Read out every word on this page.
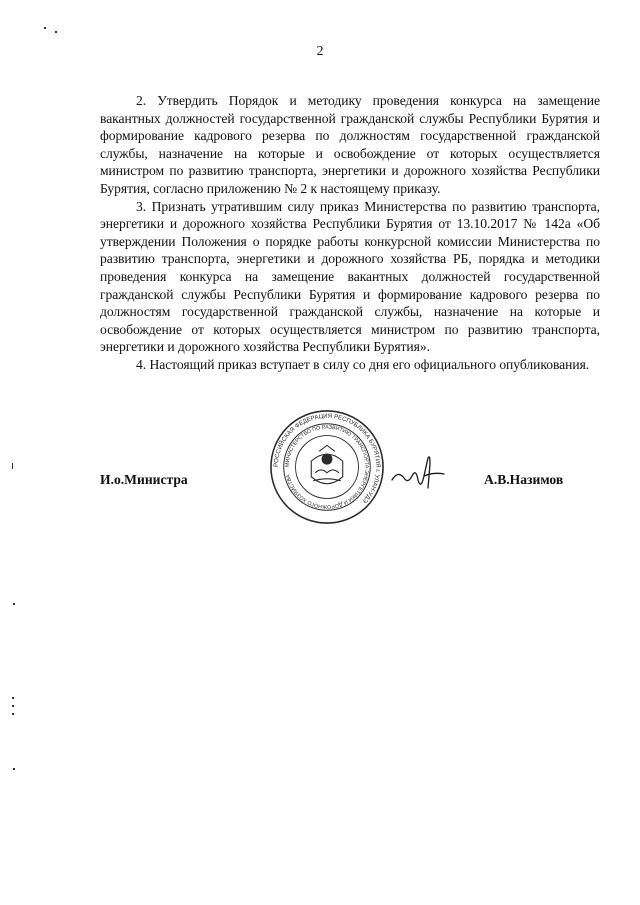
2

2. Утвердить Порядок и методику проведения конкурса на замещение вакантных должностей государственной гражданской службы Республики Бурятия и формирование кадрового резерва по должностям государственной гражданской службы, назначение на которые и освобождение от которых осуществляется министром по развитию транспорта, энергетики и дорожного хозяйства Республики Бурятия, согласно приложению № 2 к настоящему приказу.

3. Признать утратившим силу приказ Министерства по развитию транспорта, энергетики и дорожного хозяйства Республики Бурятия от 13.10.2017 № 142а «Об утверждении Положения о порядке работы конкурсной комиссии Министерства по развитию транспорта, энергетики и дорожного хозяйства РБ, порядка и методики проведения конкурса на замещение вакантных должностей государственной гражданской службы Республики Бурятия и формирование кадрового резерва по должностям государственной гражданской службы, назначение на которые и освобождение от которых осуществляется министром по развитию транспорта, энергетики и дорожного хозяйства Республики Бурятия».

4. Настоящий приказ вступает в силу со дня его официального опубликования.

И.о.Министра
РОССИЙСКАЯ ФЕДЕРАЦИЯ РЕСПУБЛИКА БУРЯТИЯ г. УЛАН-УДЭ
МИНИСТЕРСТВО ПО РАЗВИТИЮ ТРАНСПОРТА ЭНЕРГЕТИКИ И ДОРОЖНОГО ХОЗЯЙСТВА	А.В.Назимов
